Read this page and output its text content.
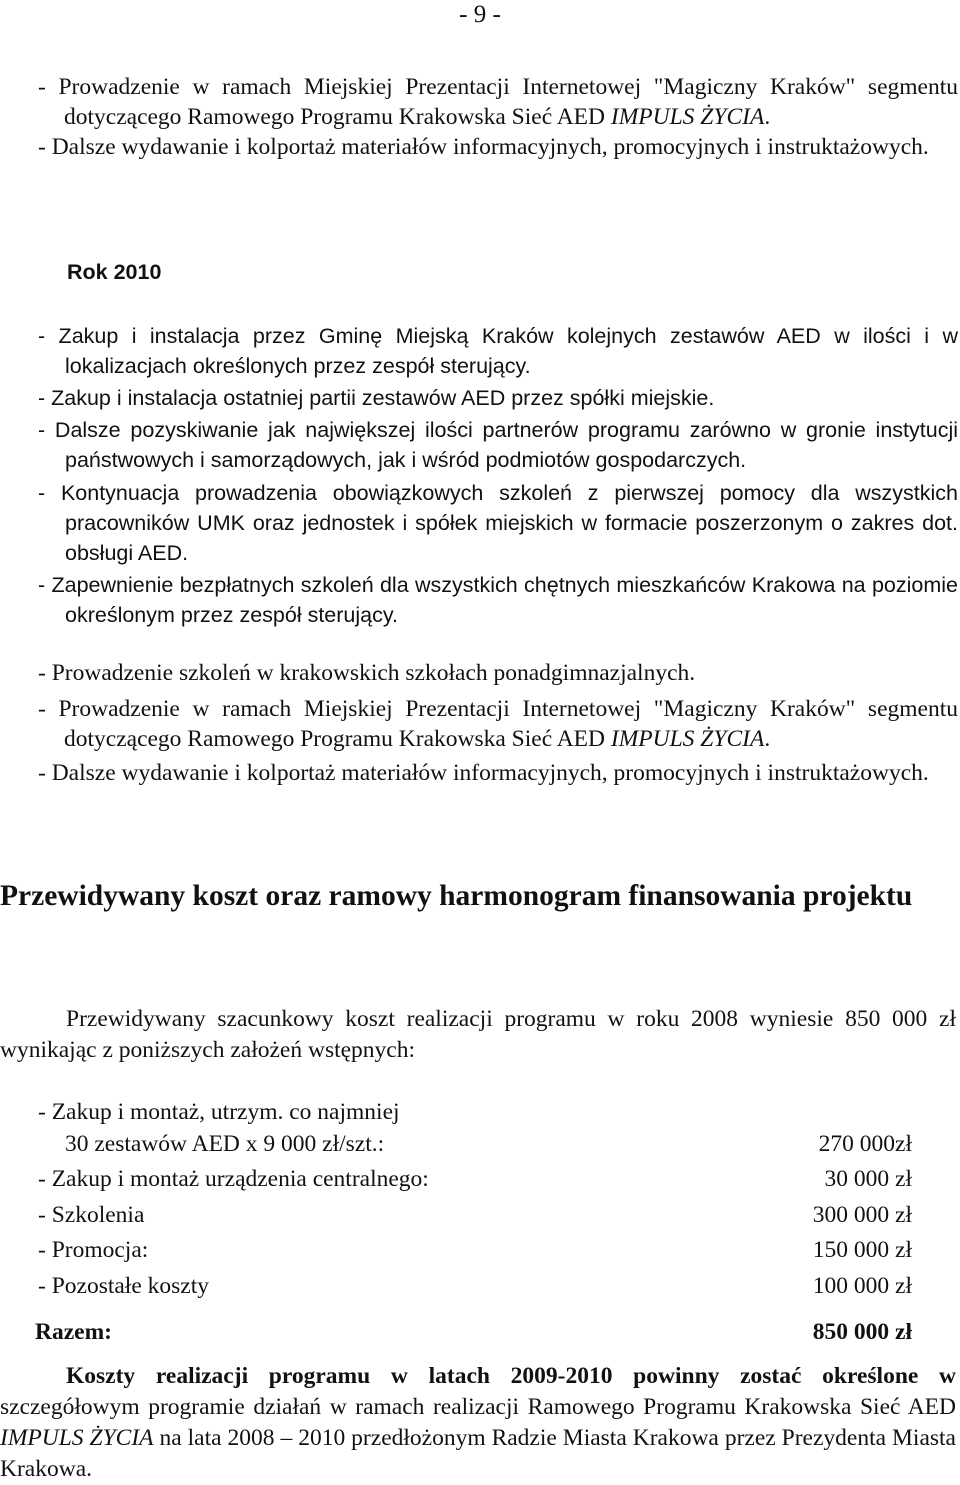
- 9 -

- Prowadzenie w ramach Miejskiej Prezentacji Internetowej "Magiczny Kraków" segmentu dotyczącego Ramowego Programu Krakowska Sieć AED IMPULS ŻYCIA.

- Dalsze wydawanie i kolportaż materiałów informacyjnych, promocyjnych i instruktażowych.

Rok 2010

- Zakup i instalacja przez Gminę Miejską Kraków kolejnych zestawów AED w ilości i w lokalizacjach określonych przez zespół sterujący.

- Zakup i instalacja ostatniej partii zestawów AED przez spółki miejskie.

- Dalsze pozyskiwanie jak największej ilości partnerów programu zarówno w gronie instytucji państwowych i samorządowych, jak i wśród podmiotów gospodarczych.

- Kontynuacja prowadzenia obowiązkowych szkoleń z pierwszej pomocy dla wszystkich pracowników UMK oraz jednostek i spółek miejskich w formacie poszerzonym o zakres dot. obsługi AED.

- Zapewnienie bezpłatnych szkoleń dla wszystkich chętnych mieszkańców Krakowa na poziomie określonym przez zespół sterujący.

- Prowadzenie szkoleń w krakowskich szkołach ponadgimnazjalnych.

- Prowadzenie w ramach Miejskiej Prezentacji Internetowej "Magiczny Kraków" segmentu dotyczącego Ramowego Programu Krakowska Sieć AED IMPULS ŻYCIA.

- Dalsze wydawanie i kolportaż materiałów informacyjnych, promocyjnych i instruktażowych.

Przewidywany koszt oraz ramowy harmonogram finansowania projektu

Przewidywany szacunkowy koszt realizacji programu w roku 2008 wyniesie 850 000 zł wynikając z poniższych założeń wstępnych:

- Zakup i montaż, utrzym. co najmniej
30 zestawów AED x 9 000 zł/szt.:	270 000zł
- Zakup i montaż urządzenia centralnego:	30 000 zł
- Szkolenia	300 000 zł
- Promocja:	150 000 zł
- Pozostałe koszty	100 000 zł
Razem:	850 000 zł

Koszty realizacji programu w latach 2009-2010 powinny zostać określone w szczegółowym programie działań w ramach realizacji Ramowego Programu Krakowska Sieć AED IMPULS ŻYCIA na lata 2008 – 2010 przedłożonym Radzie Miasta Krakowa przez Prezydenta Miasta Krakowa.
